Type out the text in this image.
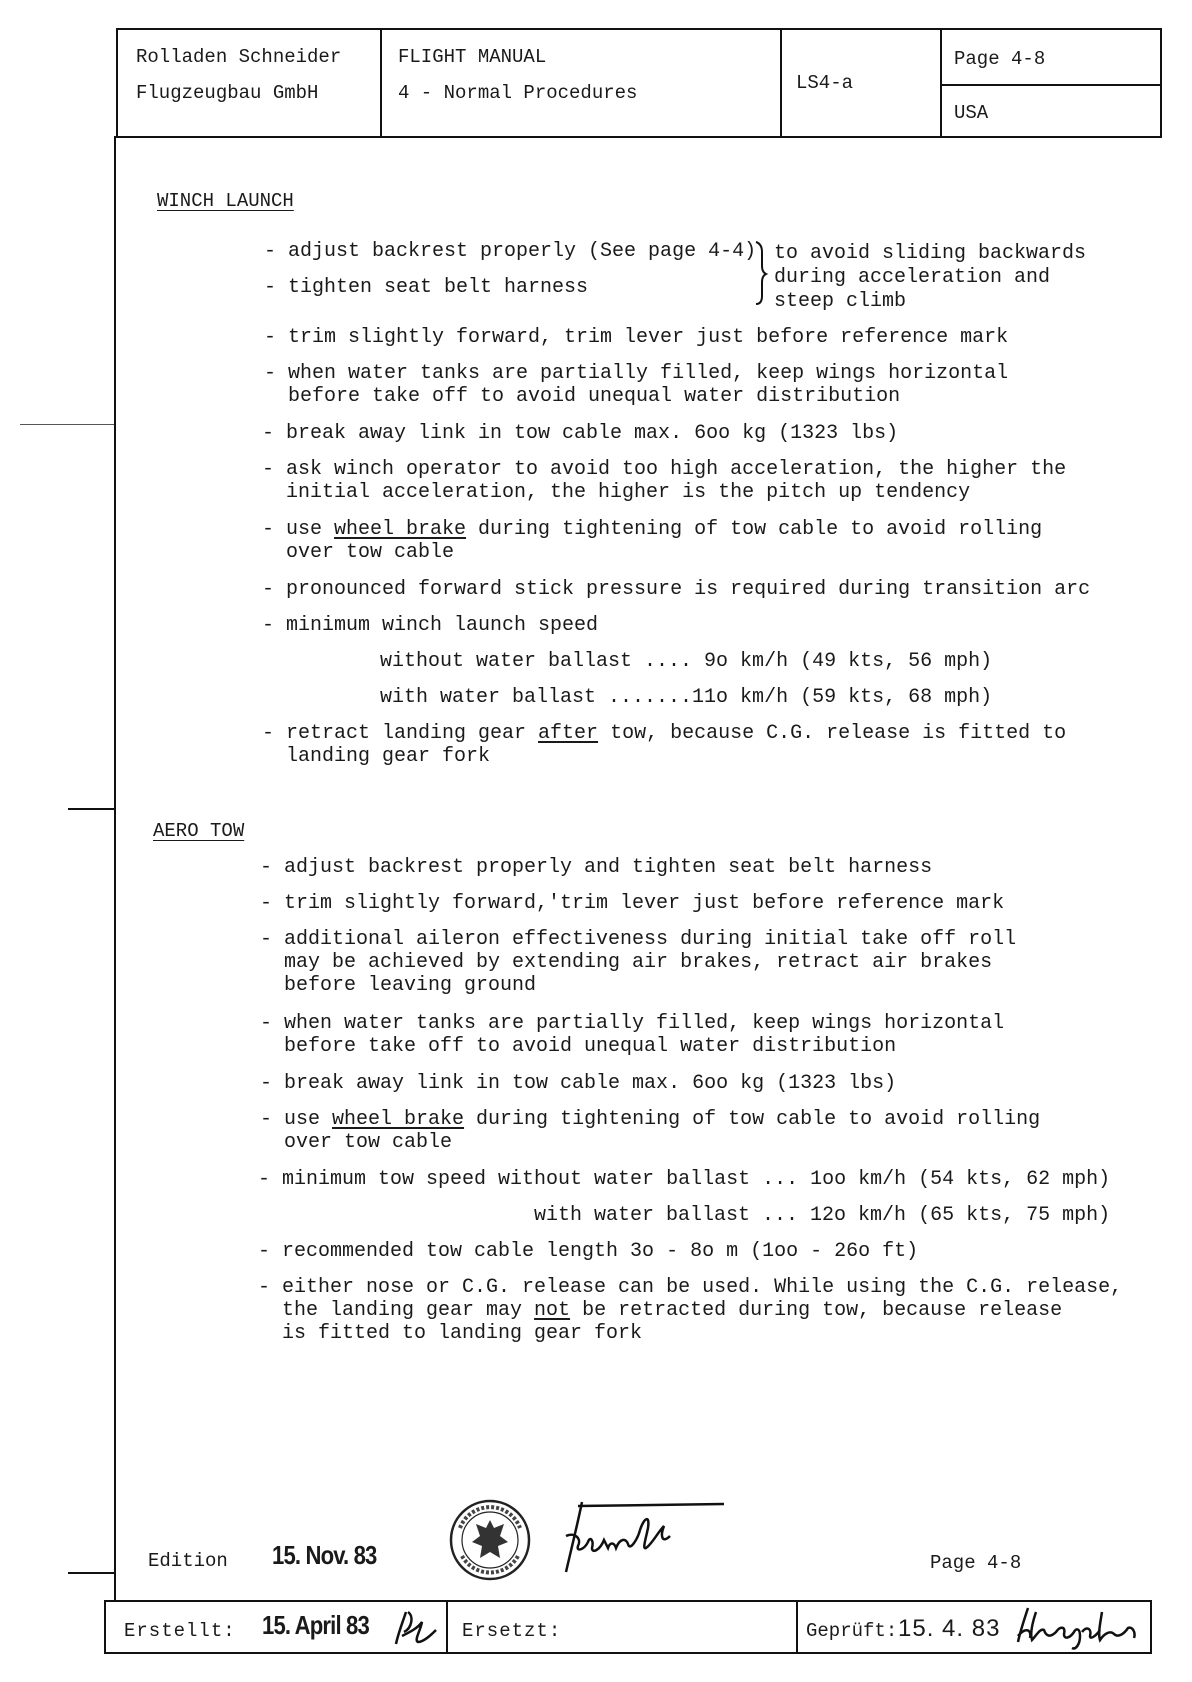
Rolladen Schneider
Flugzeugbau GmbH
FLIGHT MANUAL
4 - Normal Procedures	LS4-a
Page 4-8
USA
WINCH LAUNCH
- adjust backrest properly (See page 4-4)
- tighten seat belt harness
to avoid sliding backwards
during acceleration and
steep climb
- trim slightly forward, trim lever just before reference mark
- when water tanks are partially filled, keep wings horizontal
before take off to avoid unequal water distribution
- break away link in tow cable max. 6oo kg (1323 lbs)
- ask winch operator to avoid too high acceleration, the higher the
initial acceleration, the higher is the pitch up tendency
- use wheel brake during tightening of tow cable to avoid rolling
over tow cable
- pronounced forward stick pressure is required during transition arc
- minimum winch launch speed
without water ballast .... 9o km/h (49 kts, 56 mph)
with water ballast .......11o km/h (59 kts, 68 mph)
- retract landing gear after tow, because C.G. release is fitted to
landing gear fork
AERO TOW
- adjust backrest properly and tighten seat belt harness
- trim slightly forward,'trim lever just before reference mark
- additional aileron effectiveness during initial take off roll
may be achieved by extending air brakes, retract air brakes
before leaving ground
- when water tanks are partially filled, keep wings horizontal
before take off to avoid unequal water distribution
- break away link in tow cable max. 6oo kg (1323 lbs)
- use wheel brake during tightening of tow cable to avoid rolling
over tow cable
- minimum tow speed without water ballast ... 1oo km/h (54 kts, 62 mph)
with water ballast ... 12o km/h (65 kts, 75 mph)
- recommended tow cable length 3o - 8o m (1oo - 26o ft)
- either nose or C.G. release can be used. While using the C.G. release,
the landing gear may not be retracted during tow, because release
is fitted to landing gear fork
Edition 15. Nov. 83	Page 4-8
Erstellt: 15. April 83	Ersetzt:	Geprüft: 15. 4. 83
